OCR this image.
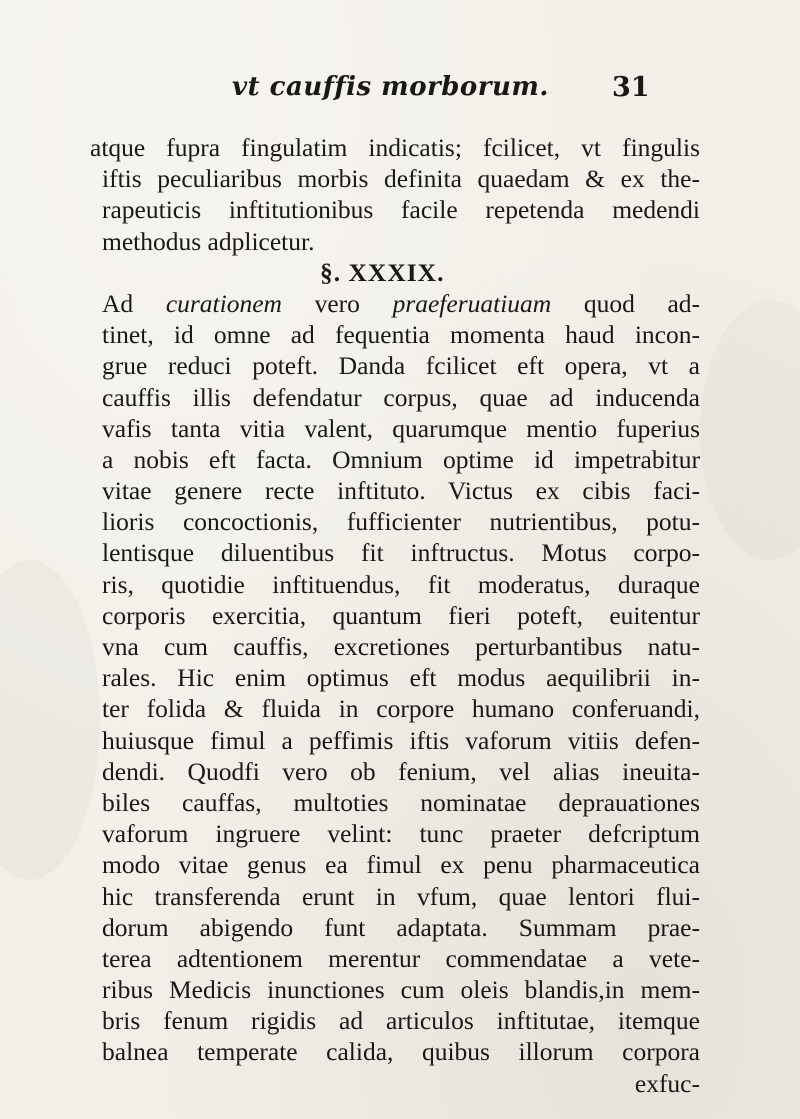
vt cauffis morborum. 31
atque fupra fingulatim indicatis; fcilicet, vt fingulis
iftis peculiaribus morbis definita quaedam & ex the-
rapeuticis inftitutionibus facile repetenda medendi
methodus adplicetur.
§. XXXIX.
Ad curationem vero praeferuatiuam quod ad-
tinet, id omne ad fequentia momenta haud incon-
grue reduci poteft. Danda fcilicet eft opera, vt a
cauffis illis defendatur corpus, quae ad inducenda
vafis tanta vitia valent, quarumque mentio fuperius
a nobis eft facta. Omnium optime id impetrabitur
vitae genere recte inftituto. Victus ex cibis faci-
lioris concoctionis, fufficienter nutrientibus, potu-
lentisque diluentibus fit inftructus. Motus corpo-
ris, quotidie inftituendus, fit moderatus, duraque
corporis exercitia, quantum fieri poteft, euitentur
vna cum cauffis, excretiones perturbantibus natu-
rales. Hic enim optimus eft modus aequilibrii in-
ter folida & fluida in corpore humano conferuandi,
huiusque fimul a peffimis iftis vaforum vitiis defen-
dendi. Quodfi vero ob fenium, vel alias ineuita-
biles cauffas, multoties nominatae deprauationes
vaforum ingruere velint: tunc praeter defcriptum
modo vitae genus ea fimul ex penu pharmaceutica
hic transferenda erunt in vfum, quae lentori flui-
dorum abigendo funt adaptata. Summam prae-
terea adtentionem merentur commendatae a vete-
ribus Medicis inunctiones cum oleis blandis,in mem-
bris fenum rigidis ad articulos inftitutae, itemque
balnea temperate calida, quibus illorum corpora
exfuc-
